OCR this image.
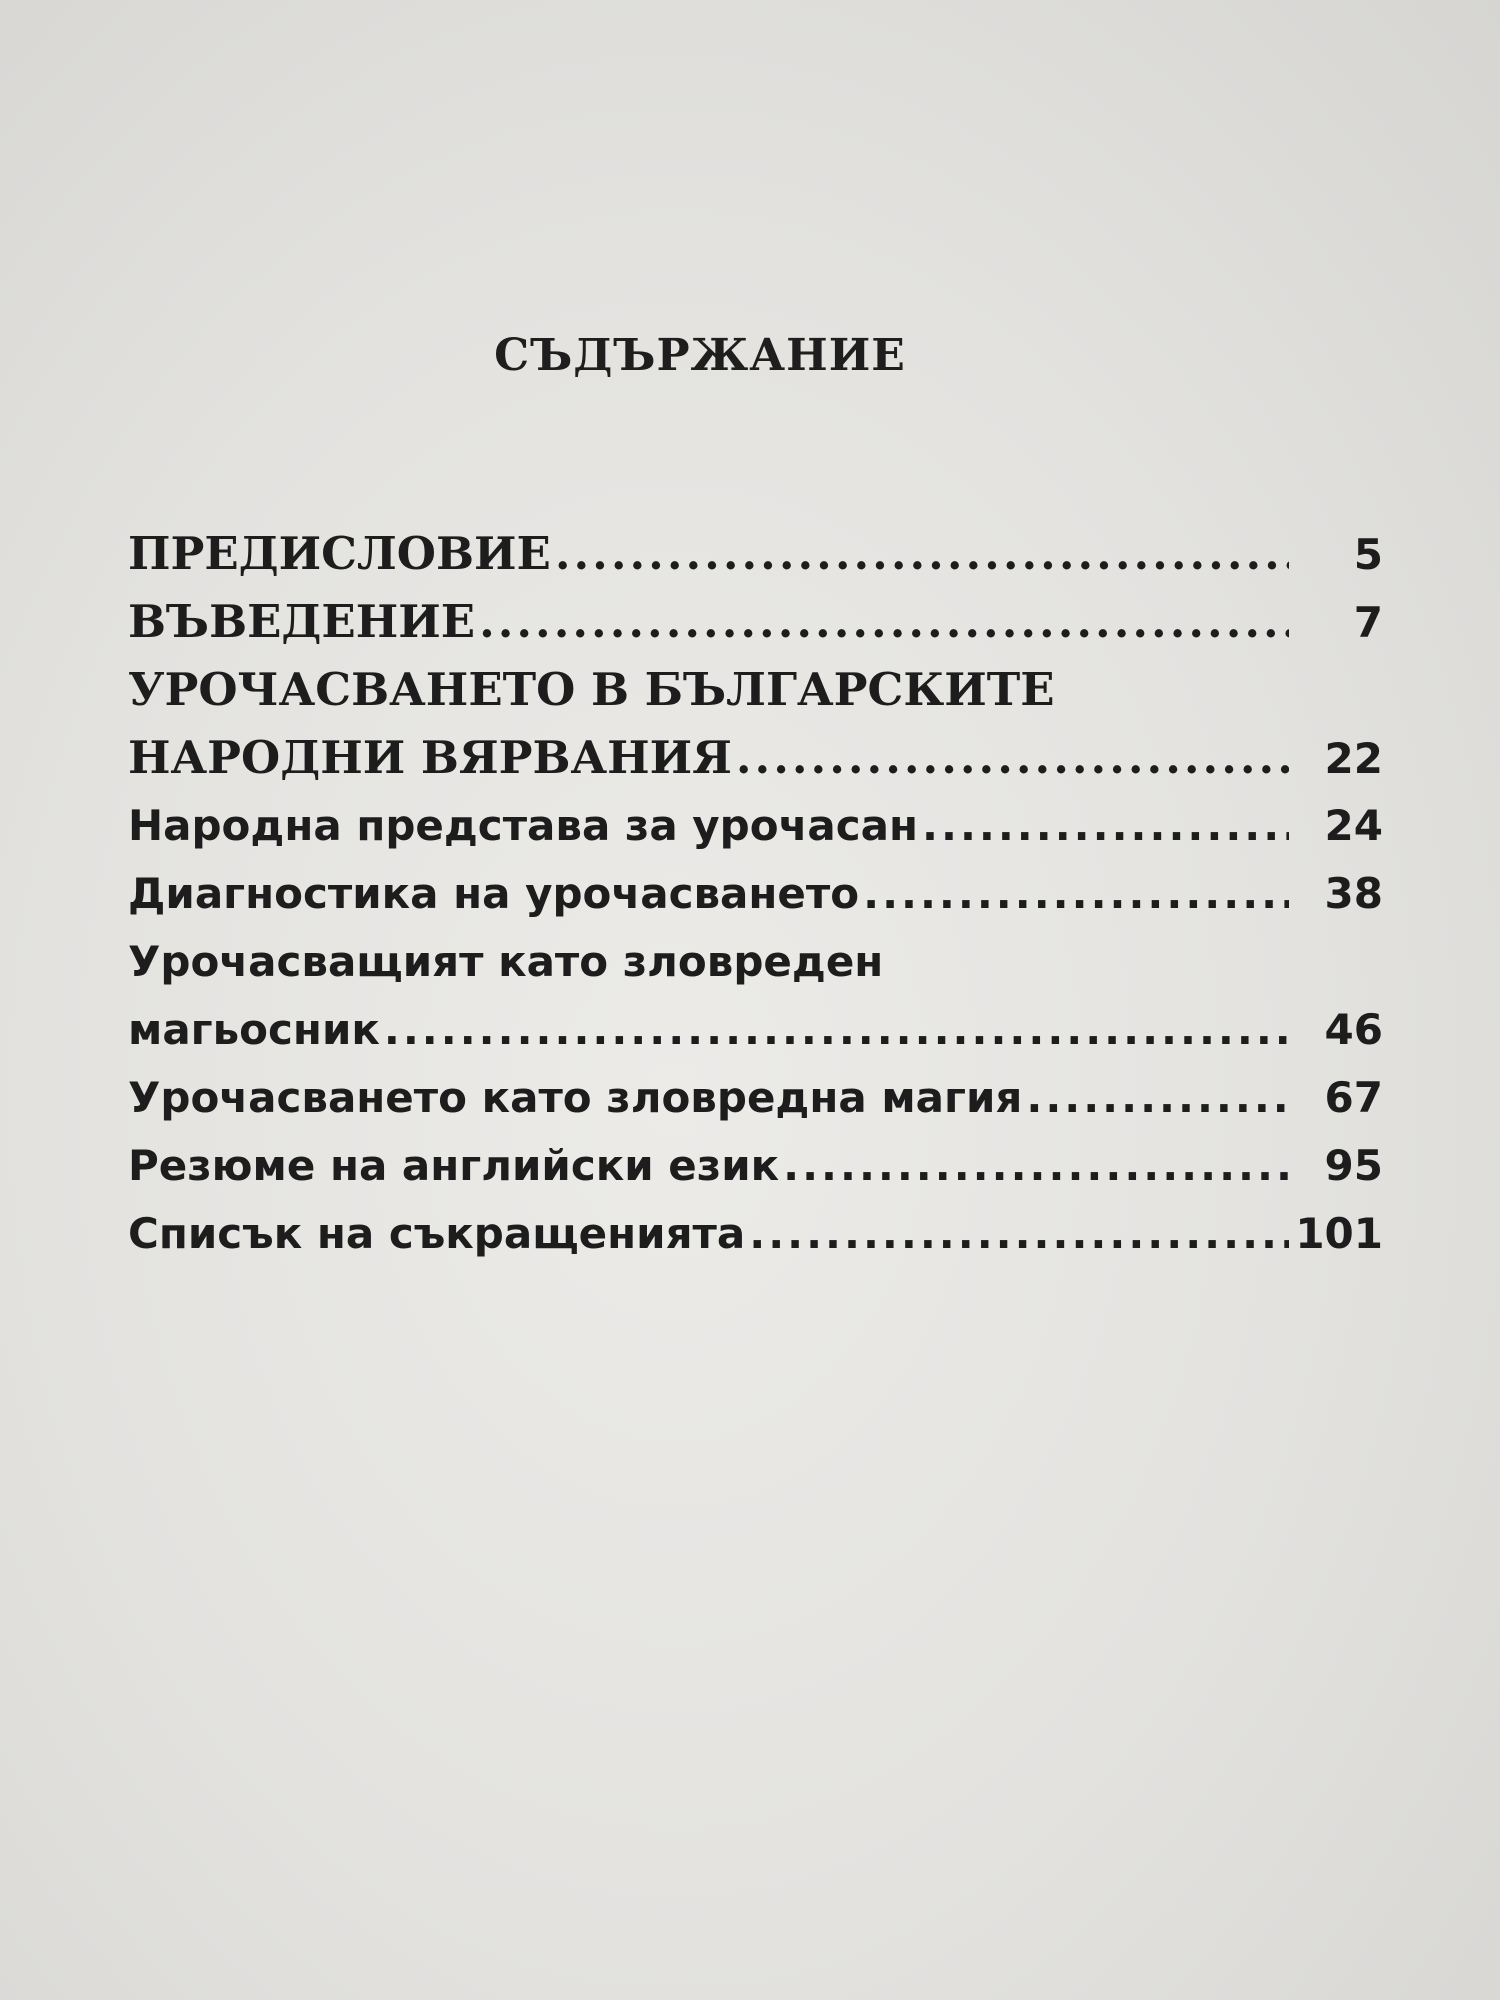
СЪДЪРЖАНИЕ
ПРЕДИСЛОВИЕ .....	5
ВЪВЕДЕНИЕ .....	7
УРОЧАСВАНЕТО В БЪЛГАРСКИТЕ
НАРОДНИ ВЯРВАНИЯ .....	22
Народна представа за урочасан .....	24
Диагностика на урочасването .....	38
Урочасващият като зловреден
магьосник .....	46
Урочасването като зловредна магия .....	67
Резюме на английски език .....	95
Списък на съкращенията .....	101
